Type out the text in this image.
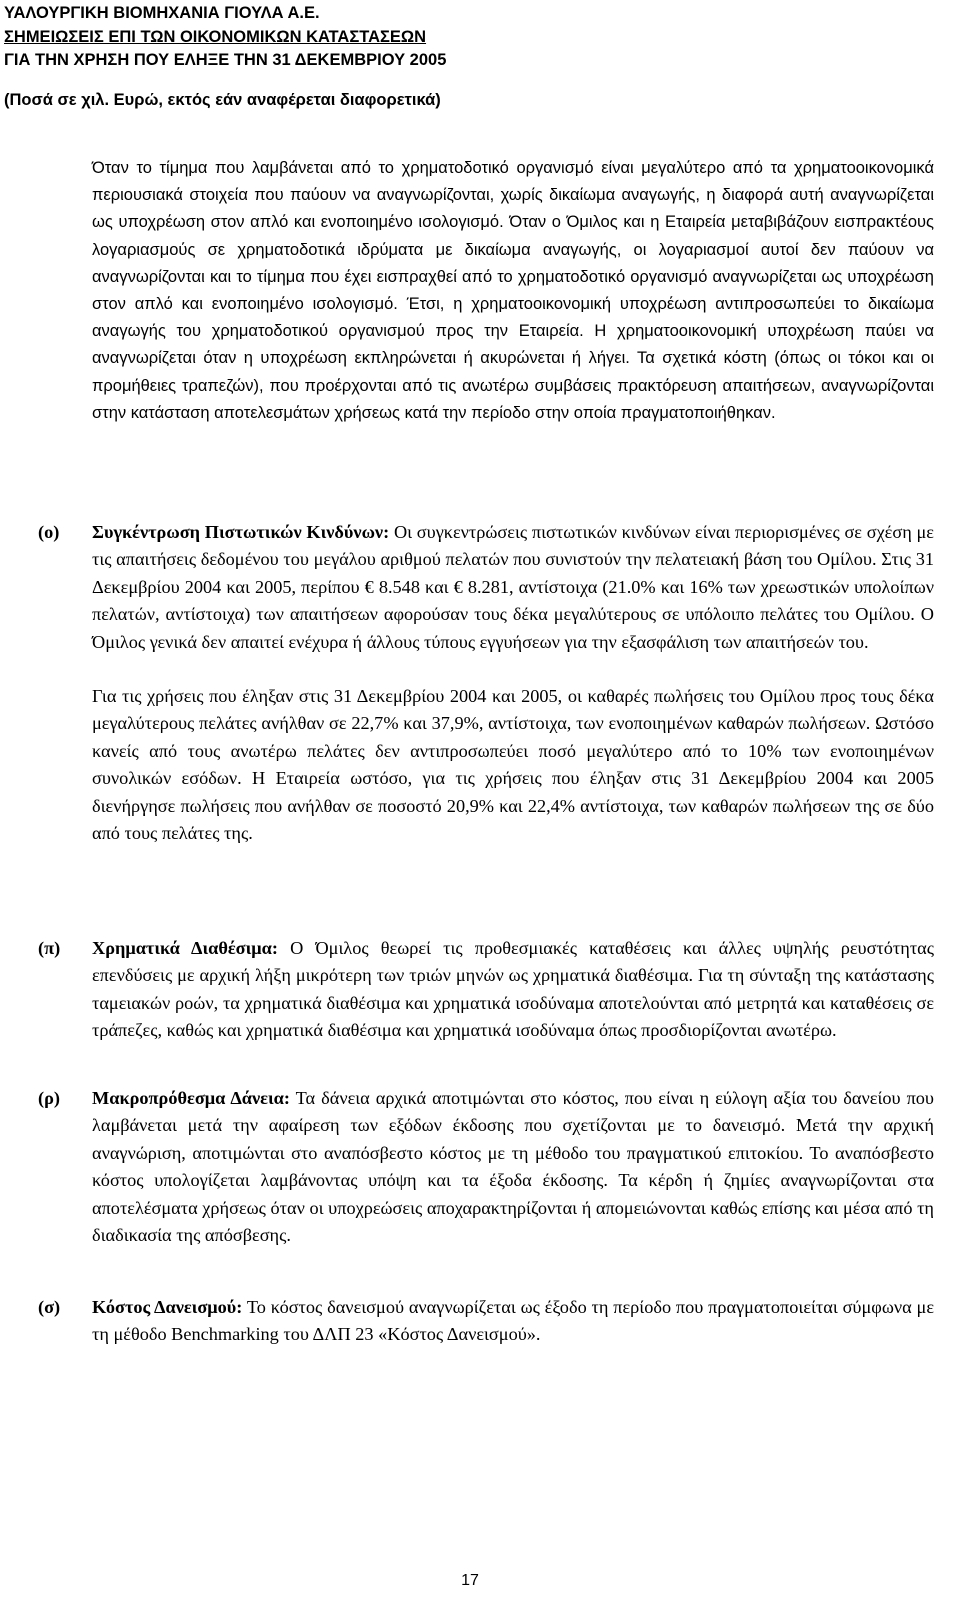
ΥΑΛΟΥΡΓΙΚΗ ΒΙΟΜΗΧΑΝΙΑ ΓΙΟΥΛΑ Α.Ε.
ΣΗΜΕΙΩΣΕΙΣ ΕΠΙ ΤΩΝ ΟΙΚΟΝΟΜΙΚΩΝ ΚΑΤΑΣΤΑΣΕΩΝ
ΓΙΑ ΤΗΝ ΧΡΗΣΗ ΠΟΥ ΕΛΗΞΕ ΤΗΝ 31 ΔΕΚΕΜΒΡΙΟΥ 2005
(Ποσά σε χιλ. Ευρώ, εκτός εάν αναφέρεται διαφορετικά)

Όταν το τίμημα που λαμβάνεται από το χρηματοδοτικό οργανισμό είναι μεγαλύτερο από τα χρηματοοικονομικά περιουσιακά στοιχεία που παύουν να αναγνωρίζονται, χωρίς δικαίωμα αναγωγής, η διαφορά αυτή αναγνωρίζεται ως υποχρέωση στον απλό και ενοποιημένο ισολογισμό. Όταν ο Όμιλος και η Εταιρεία μεταβιβάζουν εισπρακτέους λογαριασμούς σε χρηματοδοτικά ιδρύματα με δικαίωμα αναγωγής, οι λογαριασμοί αυτοί δεν παύουν να αναγνωρίζονται και το τίμημα που έχει εισπραχθεί από το χρηματοδοτικό οργανισμό αναγνωρίζεται ως υποχρέωση στον απλό και ενοποιημένο ισολογισμό. Έτσι, η χρηματοοικονομική υποχρέωση αντιπροσωπεύει το δικαίωμα αναγωγής του χρηματοδοτικού οργανισμού προς την Εταιρεία. Η χρηματοοικονομική υποχρέωση παύει να αναγνωρίζεται όταν η υποχρέωση εκπληρώνεται ή ακυρώνεται ή λήγει. Τα σχετικά κόστη (όπως οι τόκοι και οι προμήθειες τραπεζών), που προέρχονται από τις ανωτέρω συμβάσεις πρακτόρευση απαιτήσεων, αναγνωρίζονται στην κατάσταση αποτελεσμάτων χρήσεως κατά την περίοδο στην οποία πραγματοποιήθηκαν.

(ο) Συγκέντρωση Πιστωτικών Κινδύνων: Οι συγκεντρώσεις πιστωτικών κινδύνων είναι περιορισμένες σε σχέση με τις απαιτήσεις δεδομένου του μεγάλου αριθμού πελατών που συνιστούν την πελατειακή βάση του Ομίλου. Στις 31 Δεκεμβρίου 2004 και 2005, περίπου € 8.548 και € 8.281, αντίστοιχα (21.0% και 16% των χρεωστικών υπολοίπων πελατών, αντίστοιχα) των απαιτήσεων αφορούσαν τους δέκα μεγαλύτερους σε υπόλοιπο πελάτες του Ομίλου. Ο Όμιλος γενικά δεν απαιτεί ενέχυρα ή άλλους τύπους εγγυήσεων για την εξασφάλιση των απαιτήσεών του.
Για τις χρήσεις που έληξαν στις 31 Δεκεμβρίου 2004 και 2005, οι καθαρές πωλήσεις του Ομίλου προς τους δέκα μεγαλύτερους πελάτες ανήλθαν σε 22,7% και 37,9%, αντίστοιχα, των ενοποιημένων καθαρών πωλήσεων. Ωστόσο κανείς από τους ανωτέρω πελάτες δεν αντιπροσωπεύει ποσό μεγαλύτερο από το 10% των ενοποιημένων συνολικών εσόδων. Η Εταιρεία ωστόσο, για τις χρήσεις που έληξαν στις 31 Δεκεμβρίου 2004 και 2005 διενήργησε πωλήσεις που ανήλθαν σε ποσοστό 20,9% και 22,4% αντίστοιχα, των καθαρών πωλήσεων της σε δύο από τους πελάτες της.
(π) Χρηματικά Διαθέσιμα: Ο Όμιλος θεωρεί τις προθεσμιακές καταθέσεις και άλλες υψηλής ρευστότητας επενδύσεις με αρχική λήξη μικρότερη των τριών μηνών ως χρηματικά διαθέσιμα. Για τη σύνταξη της κατάστασης ταμειακών ροών, τα χρηματικά διαθέσιμα και χρηματικά ισοδύναμα αποτελούνται από μετρητά και καταθέσεις σε τράπεζες, καθώς και χρηματικά διαθέσιμα και χρηματικά ισοδύναμα όπως προσδιορίζονται ανωτέρω.
(ρ) Μακροπρόθεσμα Δάνεια: Τα δάνεια αρχικά αποτιμώνται στο κόστος, που είναι η εύλογη αξία του δανείου που λαμβάνεται μετά την αφαίρεση των εξόδων έκδοσης που σχετίζονται με το δανεισμό. Μετά την αρχική αναγνώριση, αποτιμώνται στο αναπόσβεστο κόστος με τη μέθοδο του πραγματικού επιτοκίου. Το αναπόσβεστο κόστος υπολογίζεται λαμβάνοντας υπόψη και τα έξοδα έκδοσης. Τα κέρδη ή ζημίες αναγνωρίζονται στα αποτελέσματα χρήσεως όταν οι υποχρεώσεις αποχαρακτηρίζονται ή απομειώνονται καθώς επίσης και μέσα από τη διαδικασία της απόσβεσης.
(σ) Κόστος Δανεισμού: Το κόστος δανεισμού αναγνωρίζεται ως έξοδο τη περίοδο που πραγματοποιείται σύμφωνα με τη μέθοδο Benchmarking του ΔΛΠ 23 «Κόστος Δανεισμού».
17
